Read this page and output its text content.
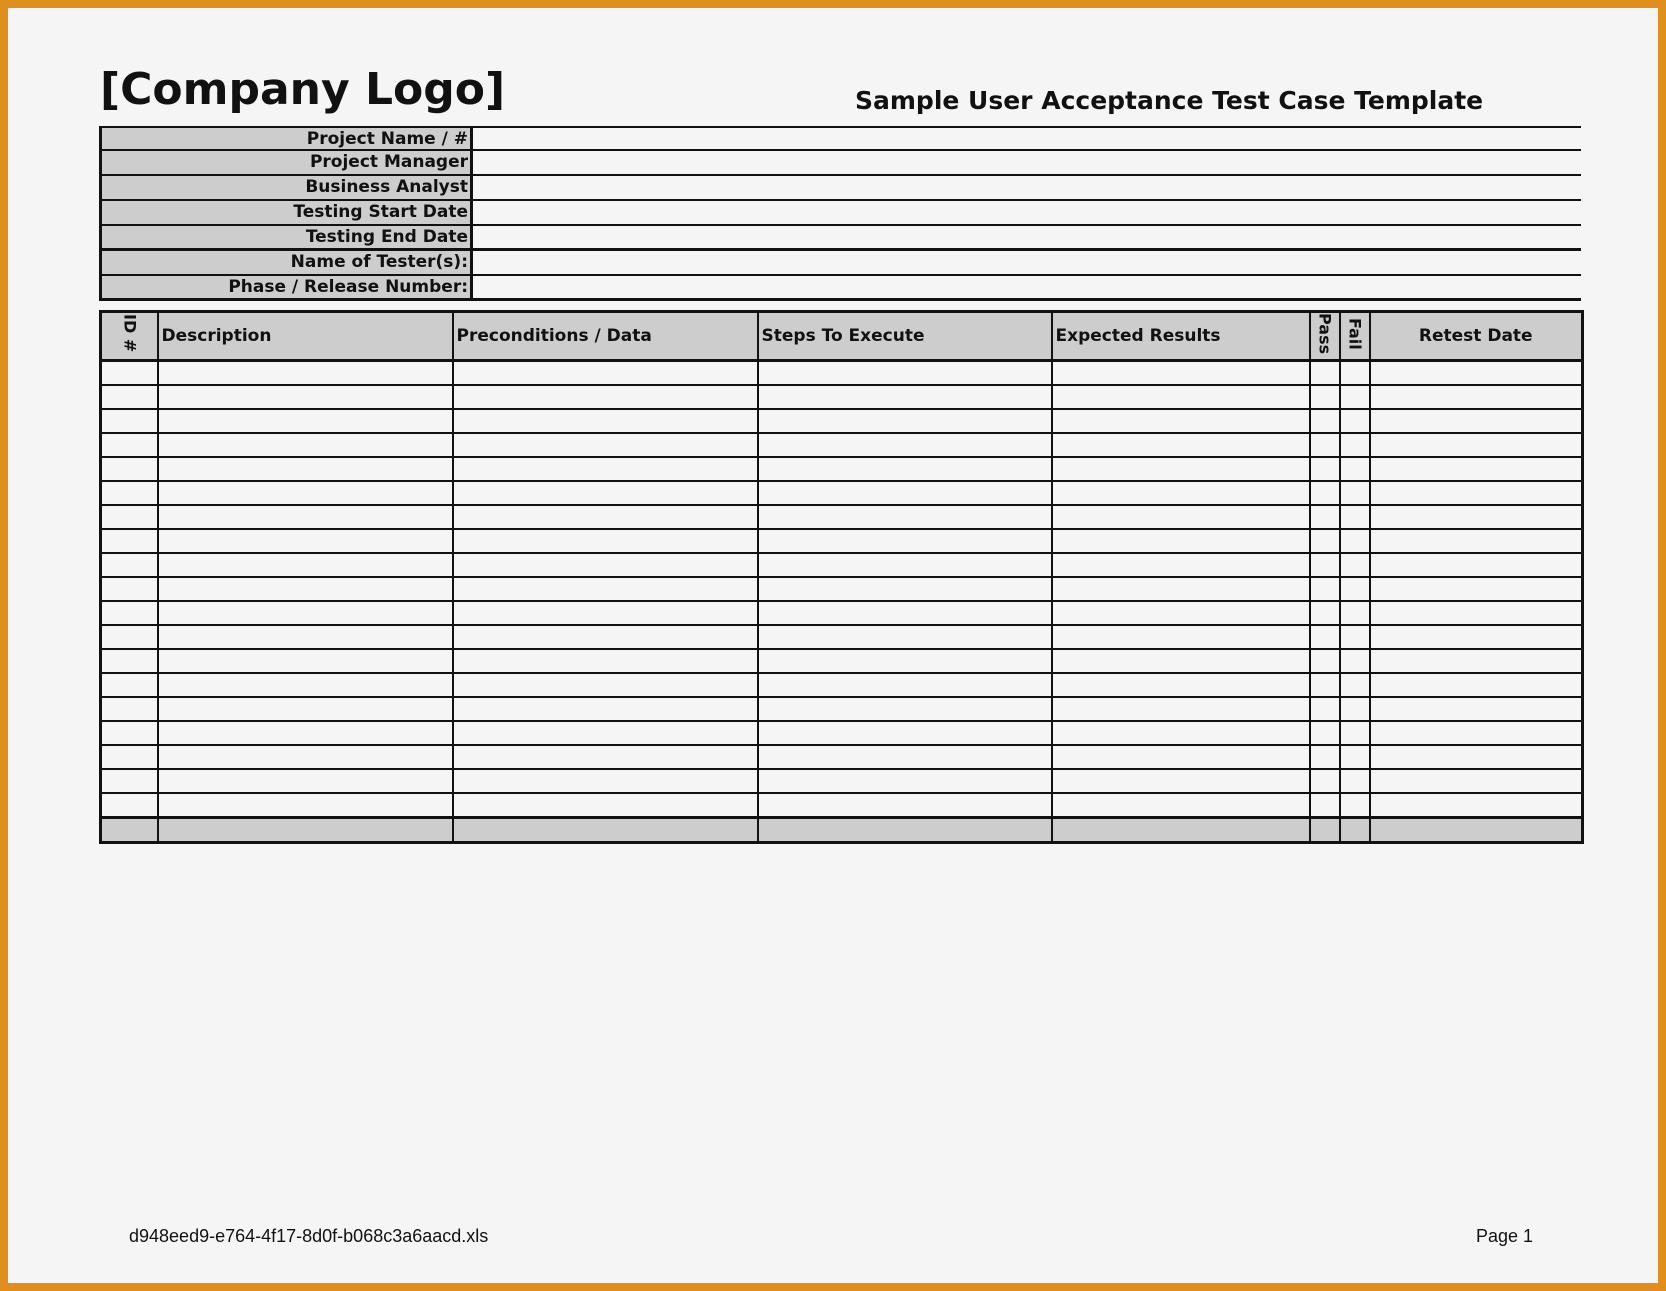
[Company Logo]	Sample User Acceptance Test Case Template
Project Name / #
Project Manager
Business Analyst
Testing Start Date
Testing End Date
Name of Tester(s):
Phase / Release Number:
ID #	Description	Preconditions / Data	Steps To Execute	Expected Results	Pass	Fail	Retest Date

d948eed9-e764-4f17-8d0f-b068c3a6aacd.xls	Page 1
